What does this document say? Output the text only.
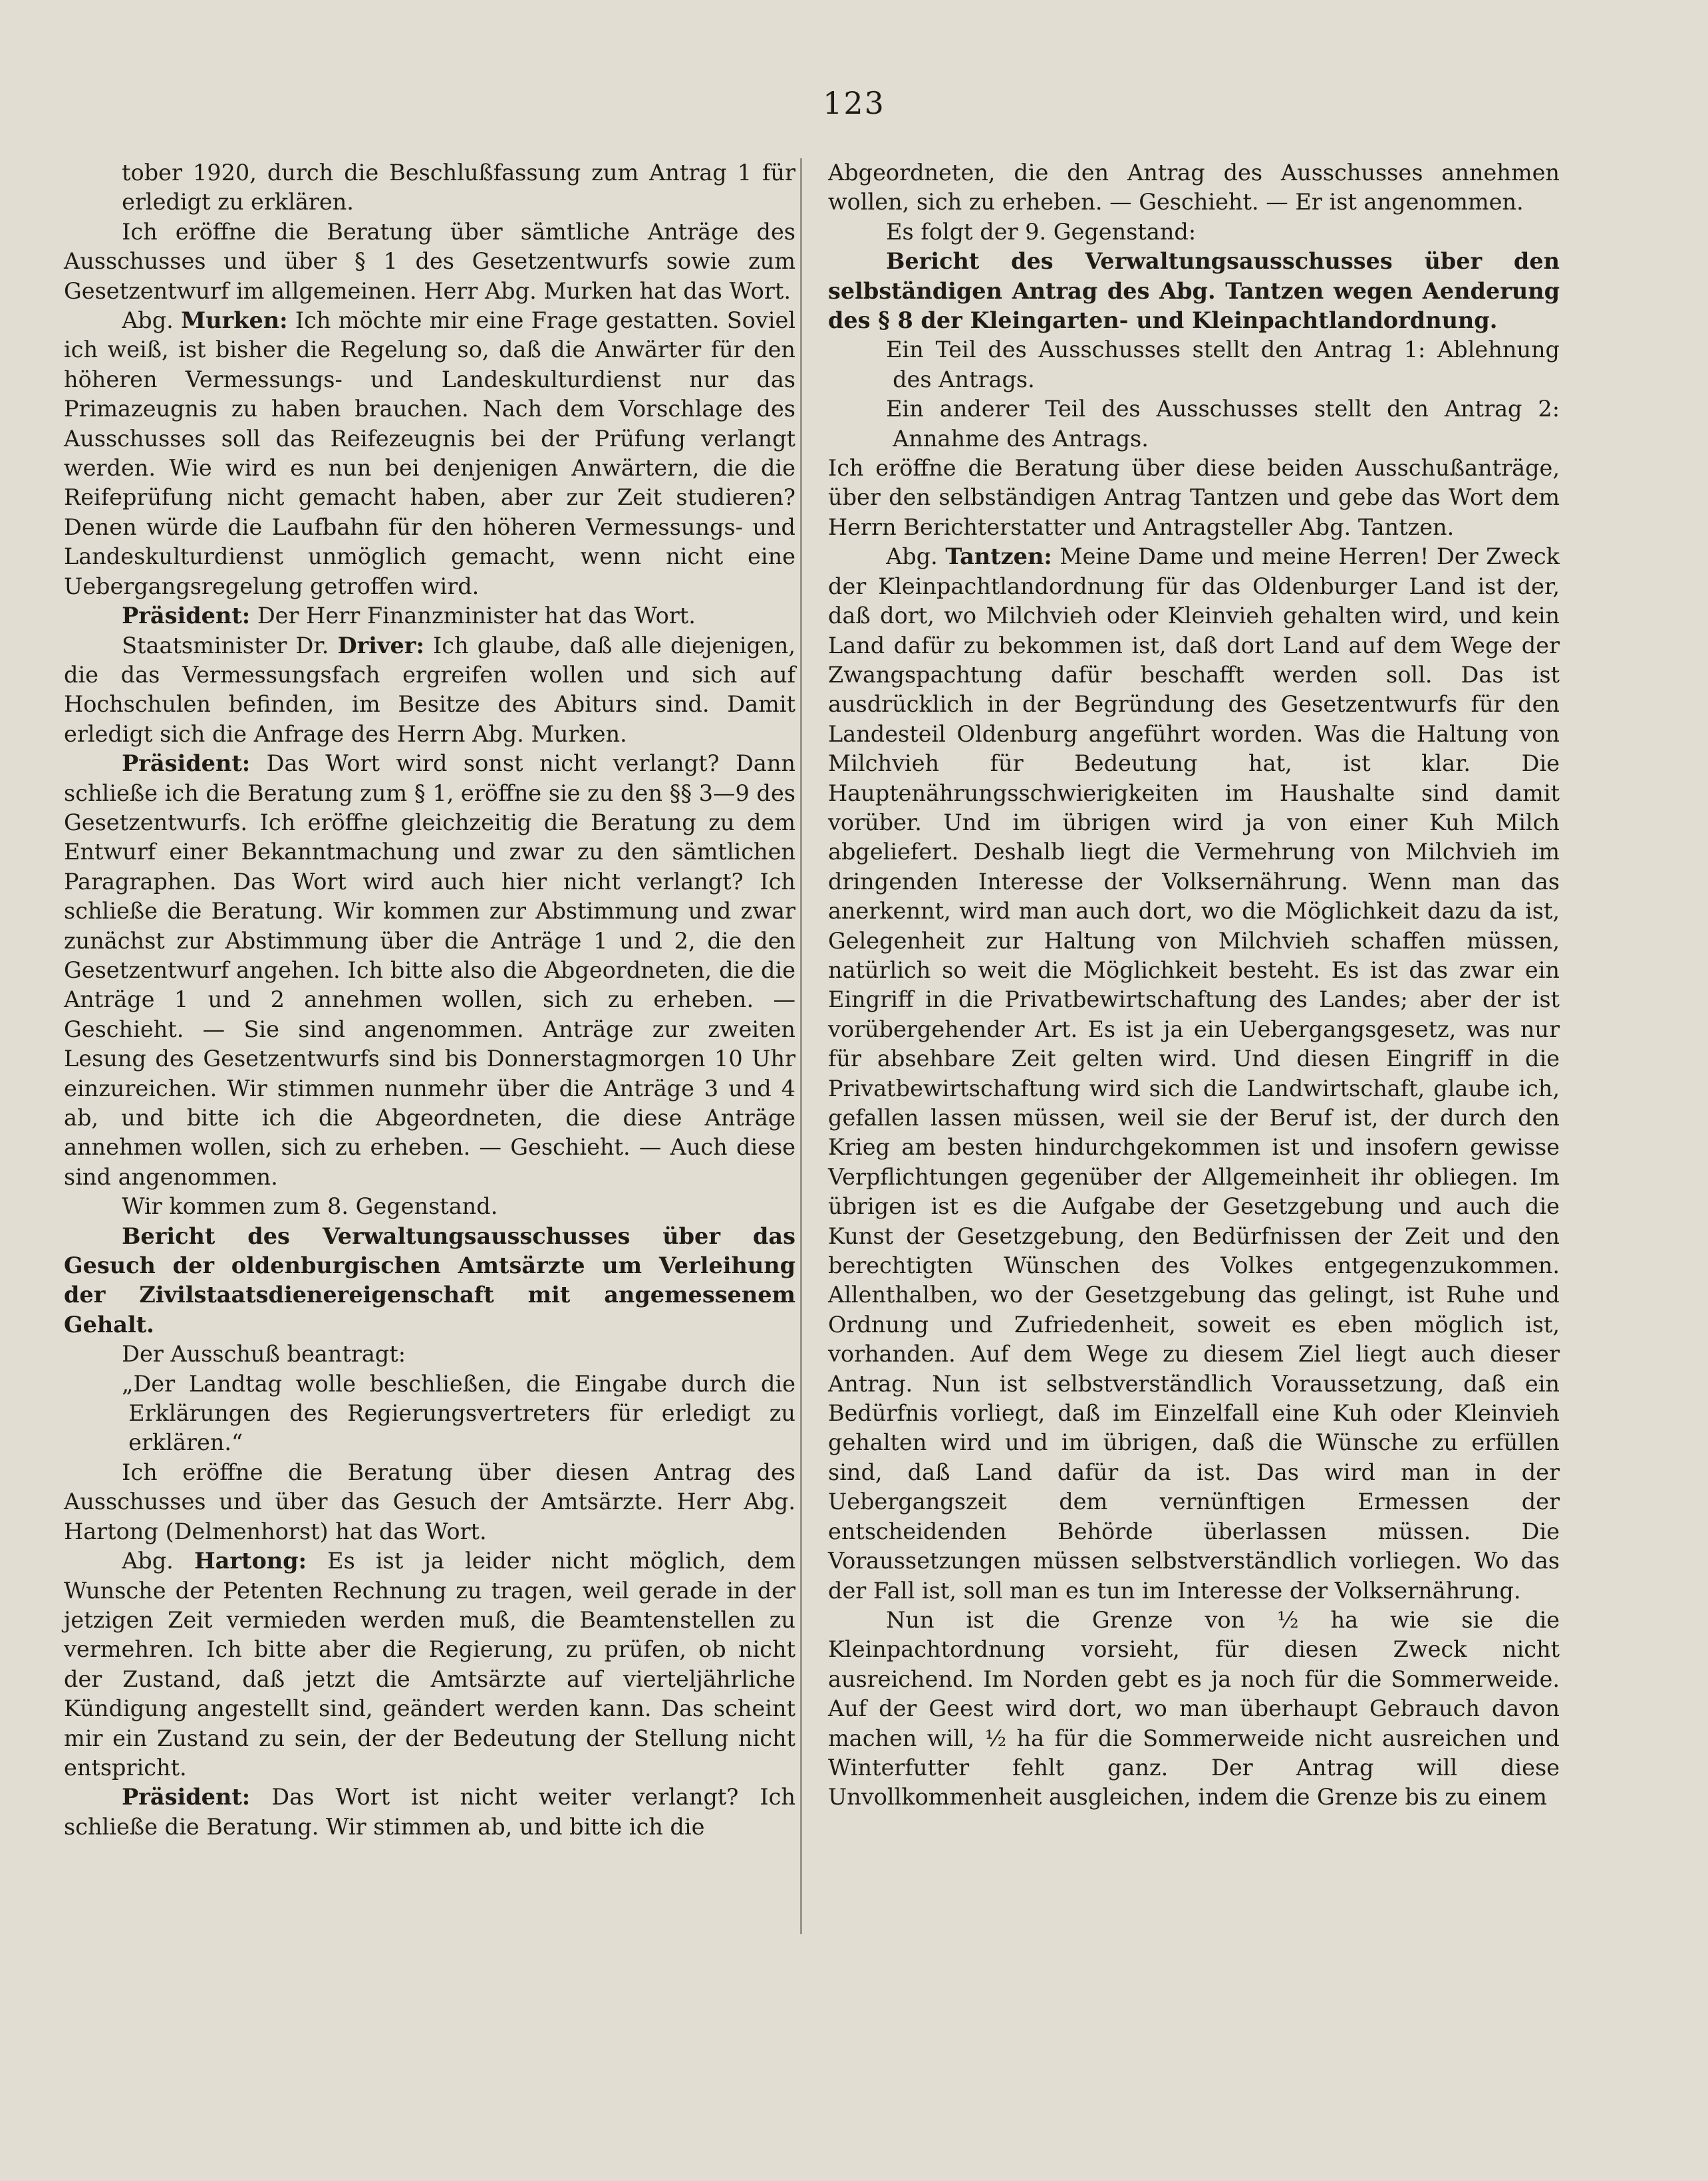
123

tober 1920, durch die Beschlußfassung zum Antrag 1 für erledigt zu erklären.

Ich eröffne die Beratung über sämtliche Anträge des Ausschusses und über § 1 des Gesetzentwurfs sowie zum Gesetzentwurf im allgemeinen. Herr Abg. Murken hat das Wort.

Abg. Murken: Ich möchte mir eine Frage gestatten. Soviel ich weiß, ist bisher die Regelung so, daß die Anwärter für den höheren Vermessungs- und Landeskulturdienst nur das Primazeugnis zu haben brauchen. Nach dem Vorschlage des Ausschusses soll das Reifezeugnis bei der Prüfung verlangt werden. Wie wird es nun bei denjenigen Anwärtern, die die Reifeprüfung nicht gemacht haben, aber zur Zeit studieren? Denen würde die Laufbahn für den höheren Vermessungs- und Landeskulturdienst unmöglich gemacht, wenn nicht eine Uebergangsregelung getroffen wird.

Präsident: Der Herr Finanzminister hat das Wort.

Staatsminister Dr. Driver: Ich glaube, daß alle diejenigen, die das Vermessungsfach ergreifen wollen und sich auf Hochschulen befinden, im Besitze des Abiturs sind. Damit erledigt sich die Anfrage des Herrn Abg. Murken.

Präsident: Das Wort wird sonst nicht verlangt? Dann schließe ich die Beratung zum § 1, eröffne sie zu den §§ 3—9 des Gesetzentwurfs. Ich eröffne gleichzeitig die Beratung zu dem Entwurf einer Bekanntmachung und zwar zu den sämtlichen Paragraphen. Das Wort wird auch hier nicht verlangt? Ich schließe die Beratung. Wir kommen zur Abstimmung und zwar zunächst zur Abstimmung über die Anträge 1 und 2, die den Gesetzentwurf angehen. Ich bitte also die Abgeordneten, die die Anträge 1 und 2 annehmen wollen, sich zu erheben. — Geschieht. — Sie sind angenommen. Anträge zur zweiten Lesung des Gesetzentwurfs sind bis Donnerstagmorgen 10 Uhr einzureichen. Wir stimmen nunmehr über die Anträge 3 und 4 ab, und bitte ich die Abgeordneten, die diese Anträge annehmen wollen, sich zu erheben. — Geschieht. — Auch diese sind angenommen.

Wir kommen zum 8. Gegenstand.

Bericht des Verwaltungsausschusses über das Gesuch der oldenburgischen Amtsärzte um Verleihung der Zivilstaatsdienereigenschaft mit angemessenem Gehalt.

Der Ausschuß beantragt:

„Der Landtag wolle beschließen, die Eingabe durch die Erklärungen des Regierungsvertreters für erledigt zu erklären.“

Ich eröffne die Beratung über diesen Antrag des Ausschusses und über das Gesuch der Amtsärzte. Herr Abg. Hartong (Delmenhorst) hat das Wort.

Abg. Hartong: Es ist ja leider nicht möglich, dem Wunsche der Petenten Rechnung zu tragen, weil gerade in der jetzigen Zeit vermieden werden muß, die Beamtenstellen zu vermehren. Ich bitte aber die Regierung, zu prüfen, ob nicht der Zustand, daß jetzt die Amtsärzte auf vierteljährliche Kündigung angestellt sind, geändert werden kann. Das scheint mir ein Zustand zu sein, der der Bedeutung der Stellung nicht entspricht.

Präsident: Das Wort ist nicht weiter verlangt? Ich schließe die Beratung. Wir stimmen ab, und bitte ich die

Abgeordneten, die den Antrag des Ausschusses annehmen wollen, sich zu erheben. — Geschieht. — Er ist angenommen.

Es folgt der 9. Gegenstand:

Bericht des Verwaltungsausschusses über den selbständigen Antrag des Abg. Tantzen wegen Aenderung des § 8 der Kleingarten- und Kleinpachtlandordnung.

Ein Teil des Ausschusses stellt den Antrag 1: Ablehnung des Antrags.

Ein anderer Teil des Ausschusses stellt den Antrag 2: Annahme des Antrags.

Ich eröffne die Beratung über diese beiden Ausschußanträge, über den selbständigen Antrag Tantzen und gebe das Wort dem Herrn Berichterstatter und Antragsteller Abg. Tantzen.

Abg. Tantzen: Meine Dame und meine Herren! Der Zweck der Kleinpachtlandordnung für das Oldenburger Land ist der, daß dort, wo Milchvieh oder Kleinvieh gehalten wird, und kein Land dafür zu bekommen ist, daß dort Land auf dem Wege der Zwangspachtung dafür beschafft werden soll. Das ist ausdrücklich in der Begründung des Gesetzentwurfs für den Landesteil Oldenburg angeführt worden. Was die Haltung von Milchvieh für Bedeutung hat, ist klar. Die Hauptenährungsschwierigkeiten im Haushalte sind damit vorüber. Und im übrigen wird ja von einer Kuh Milch abgeliefert. Deshalb liegt die Vermehrung von Milchvieh im dringenden Interesse der Volksernährung. Wenn man das anerkennt, wird man auch dort, wo die Möglichkeit dazu da ist, Gelegenheit zur Haltung von Milchvieh schaffen müssen, natürlich so weit die Möglichkeit besteht. Es ist das zwar ein Eingriff in die Privatbewirtschaftung des Landes; aber der ist vorübergehender Art. Es ist ja ein Uebergangsgesetz, was nur für absehbare Zeit gelten wird. Und diesen Eingriff in die Privatbewirtschaftung wird sich die Landwirtschaft, glaube ich, gefallen lassen müssen, weil sie der Beruf ist, der durch den Krieg am besten hindurchgekommen ist und insofern gewisse Verpflichtungen gegenüber der Allgemeinheit ihr obliegen. Im übrigen ist es die Aufgabe der Gesetzgebung und auch die Kunst der Gesetzgebung, den Bedürfnissen der Zeit und den berechtigten Wünschen des Volkes entgegenzukommen. Allenthalben, wo der Gesetzgebung das gelingt, ist Ruhe und Ordnung und Zufriedenheit, soweit es eben möglich ist, vorhanden. Auf dem Wege zu diesem Ziel liegt auch dieser Antrag. Nun ist selbstverständlich Voraussetzung, daß ein Bedürfnis vorliegt, daß im Einzelfall eine Kuh oder Kleinvieh gehalten wird und im übrigen, daß die Wünsche zu erfüllen sind, daß Land dafür da ist. Das wird man in der Uebergangszeit dem vernünftigen Ermessen der entscheidenden Behörde überlassen müssen. Die Voraussetzungen müssen selbstverständlich vorliegen. Wo das der Fall ist, soll man es tun im Interesse der Volksernährung.

Nun ist die Grenze von ½ ha wie sie die Kleinpachtordnung vorsieht, für diesen Zweck nicht ausreichend. Im Norden gebt es ja noch für die Sommerweide. Auf der Geest wird dort, wo man überhaupt Gebrauch davon machen will, ½ ha für die Sommerweide nicht ausreichen und Winterfutter fehlt ganz. Der Antrag will diese Unvollkommenheit ausgleichen, indem die Grenze bis zu einem
